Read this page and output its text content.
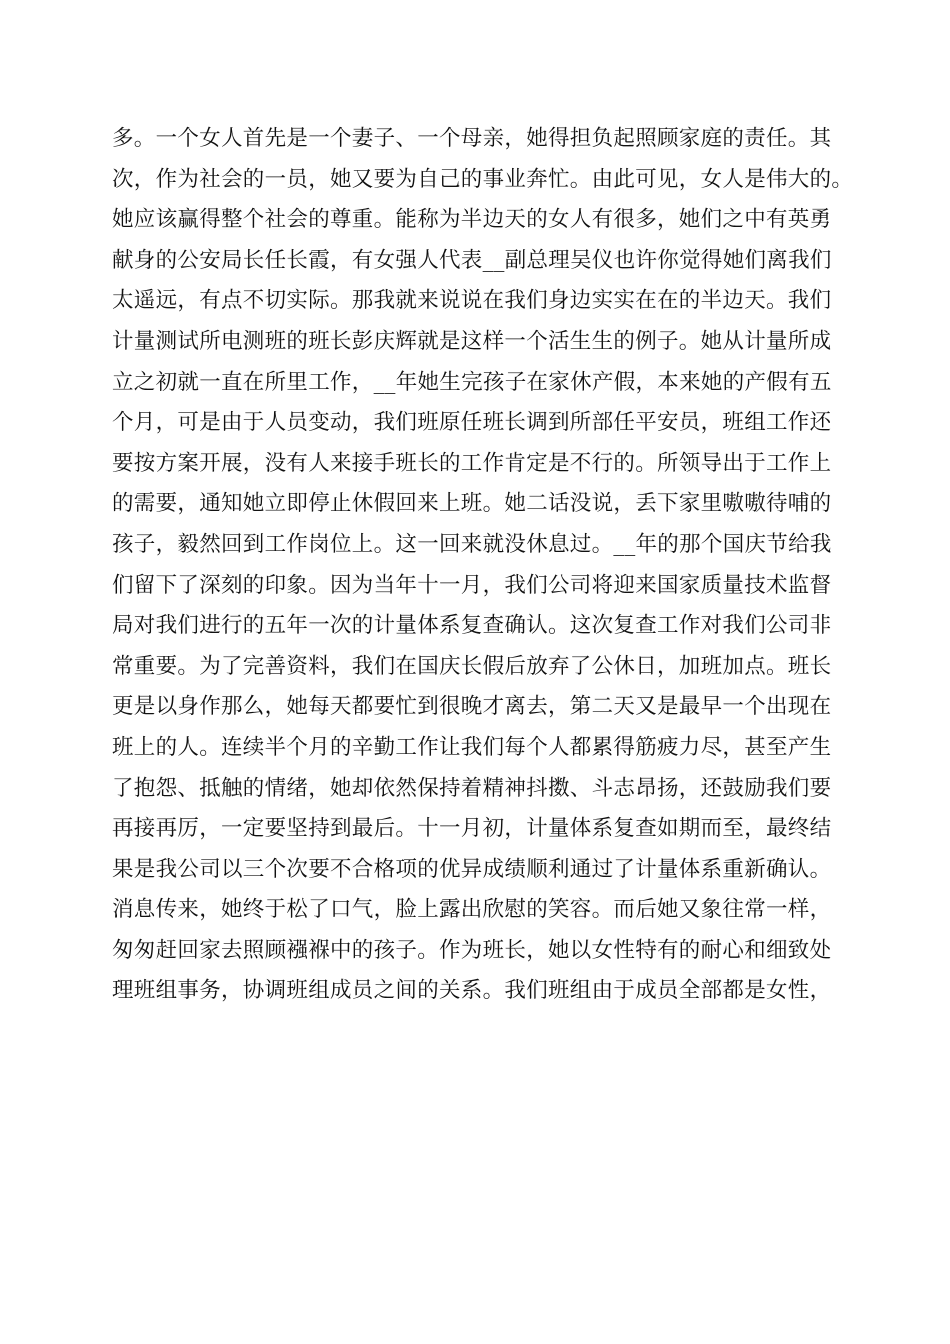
多。一个女人首先是一个妻子、一个母亲，她得担负起照顾家庭的责任。其
次，作为社会的一员，她又要为自己的事业奔忙。由此可见，女人是伟大的。
她应该赢得整个社会的尊重。能称为半边天的女人有很多，她们之中有英勇
献身的公安局长任长霞，有女强人代表__副总理吴仪也许你觉得她们离我们
太遥远，有点不切实际。那我就来说说在我们身边实实在在的半边天。我们
计量测试所电测班的班长彭庆辉就是这样一个活生生的例子。她从计量所成
立之初就一直在所里工作，__年她生完孩子在家休产假，本来她的产假有五
个月，可是由于人员变动，我们班原任班长调到所部任平安员，班组工作还
要按方案开展，没有人来接手班长的工作肯定是不行的。所领导出于工作上
的需要，通知她立即停止休假回来上班。她二话没说，丢下家里嗷嗷待哺的
孩子，毅然回到工作岗位上。这一回来就没休息过。__年的那个国庆节给我
们留下了深刻的印象。因为当年十一月，我们公司将迎来国家质量技术监督
局对我们进行的五年一次的计量体系复查确认。这次复查工作对我们公司非
常重要。为了完善资料，我们在国庆长假后放弃了公休日，加班加点。班长
更是以身作那么，她每天都要忙到很晚才离去，第二天又是最早一个出现在
班上的人。连续半个月的辛勤工作让我们每个人都累得筋疲力尽，甚至产生
了抱怨、抵触的情绪，她却依然保持着精神抖擞、斗志昂扬，还鼓励我们要
再接再厉，一定要坚持到最后。十一月初，计量体系复查如期而至，最终结
果是我公司以三个次要不合格项的优异成绩顺利通过了计量体系重新确认。
消息传来，她终于松了口气，脸上露出欣慰的笑容。而后她又象往常一样，
匆匆赶回家去照顾襁褓中的孩子。作为班长，她以女性特有的耐心和细致处
理班组事务，协调班组成员之间的关系。我们班组由于成员全部都是女性，
